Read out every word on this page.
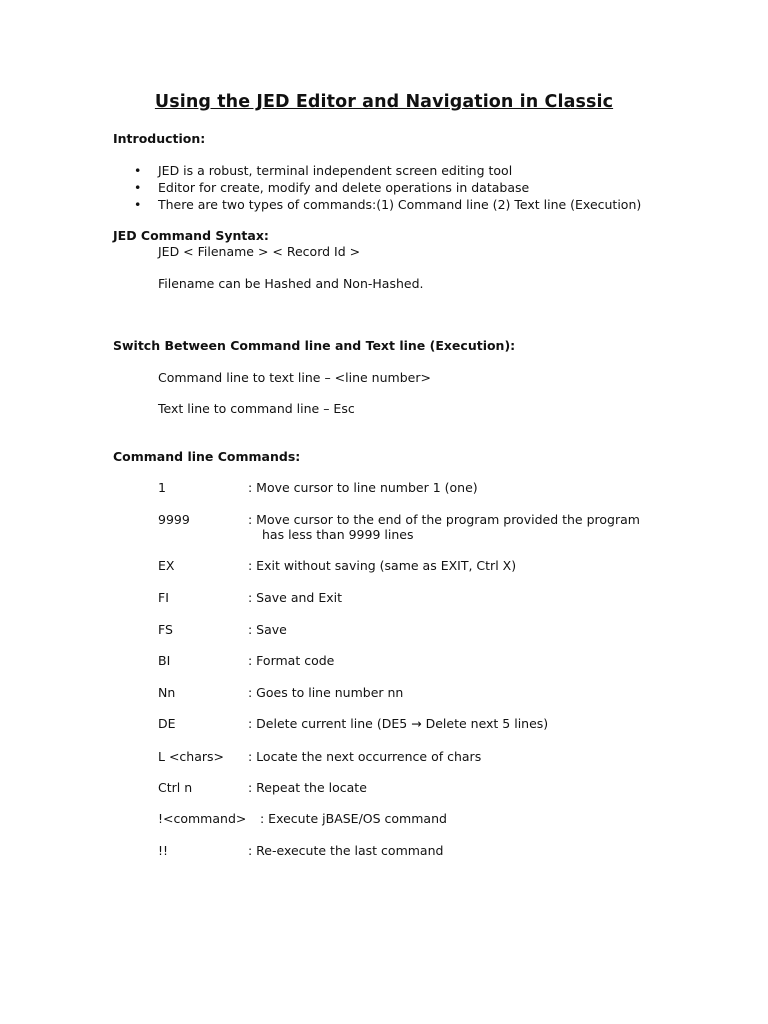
Using the JED Editor and Navigation in Classic
Introduction:
• JED is a robust, terminal independent screen editing tool
• Editor for create, modify and delete operations in database
• There are two types of commands:(1) Command line (2) Text line (Execution)
JED Command Syntax:
JED < Filename > < Record Id >
Filename can be Hashed and Non-Hashed.
Switch Between Command line and Text line (Execution):
Command line to text line – <line number>
Text line to command line – Esc
Command line Commands:
1	: Move cursor to line number 1 (one)
9999	: Move cursor to the end of the program provided the program
has less than 9999 lines
EX	: Exit without saving (same as EXIT, Ctrl X)
FI	: Save and Exit
FS	: Save
BI	: Format code
Nn	: Goes to line number nn
DE	: Delete current line (DE5 → Delete next 5 lines)
L <chars> : Locate the next occurrence of chars
Ctrl n	: Repeat the locate
!<command> : Execute jBASE/OS command
!!	: Re-execute the last command
